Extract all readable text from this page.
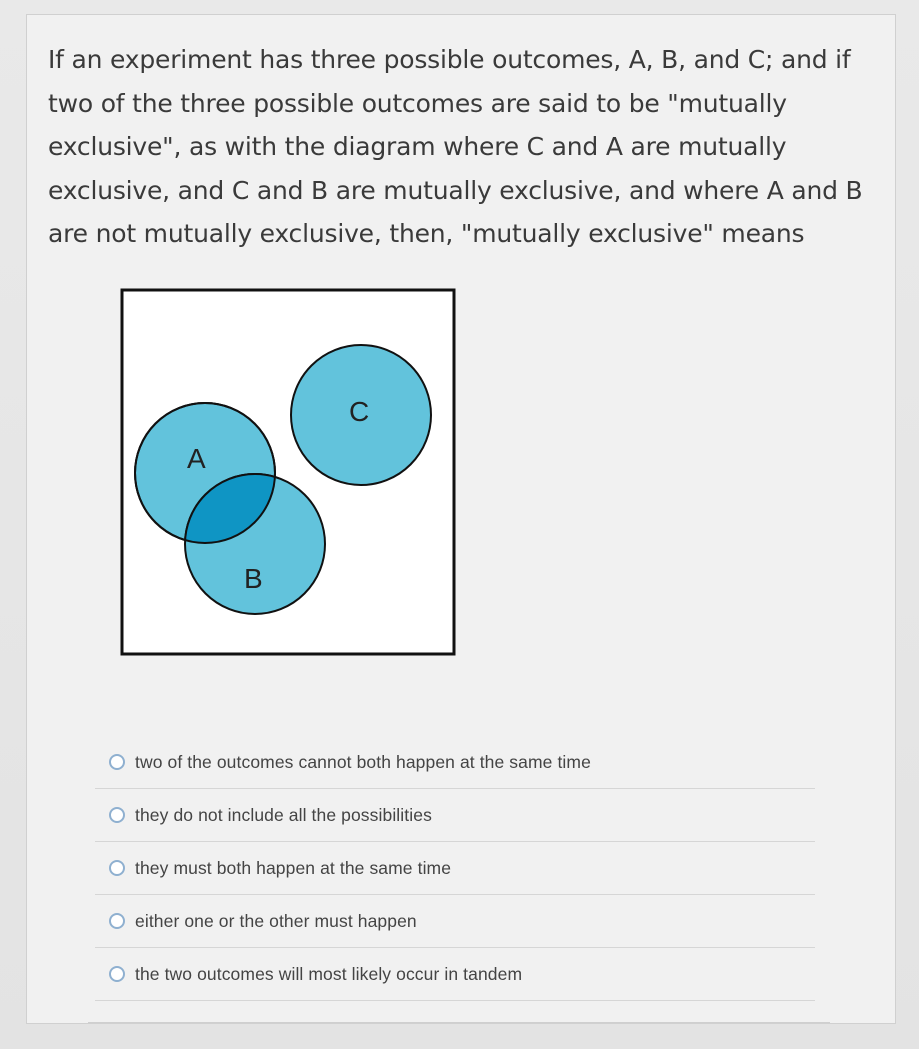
If an experiment has three possible outcomes, A, B, and C; and if two of the three possible outcomes are said to be "mutually exclusive", as with the diagram where C and A are mutually exclusive, and C and B are mutually exclusive, and where A and B are not mutually exclusive, then, "mutually exclusive" means
A
B
C
two of the outcomes cannot both happen at the same time
they do not include all the possibilities
they must both happen at the same time
either one or the other must happen
the two outcomes will most likely occur in tandem
